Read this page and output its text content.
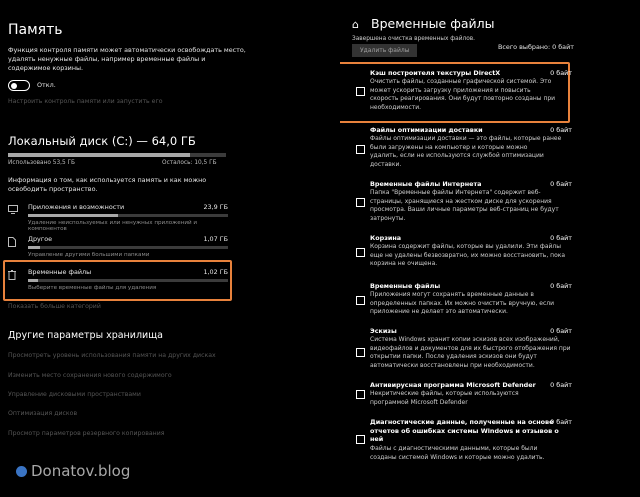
Память
Функция контроля памяти может автоматически освобождать место,
удалять ненужные файлы, например временные файлы и
содержимое корзины.
Откл.
Настроить контроль памяти или запустить его
Локальный диск (C:) — 64,0 ГБ
Использовано 53,5 ГБ	Осталось: 10,5 ГБ
Информация о том, как используется память и как можно
освободить пространство.
Приложения и возможности	23,9 ГБ
Удаление неиспользуемых или ненужных приложений и компонентов
Другое	1,07 ГБ
Управление другими большими папками
Временные файлы	1,02 ГБ
Выберите временные файлы для удаления
Показать больше категорий
Другие параметры хранилища
Просмотреть уровень использования памяти на других дисках
Изменить место сохранения нового содержимого
Управление дисковыми пространствами
Оптимизация дисков
Просмотр параметров резервного копирования
⌂ Временные файлы
Завершена очистка временных файлов.
Удалить файлы	Всего выбрано: 0 байт
Кэш построителя текстуры DirectX	0 байт
Очистить файлы, созданные графической системой. Это
может ускорить загрузку приложения и повысить
скорость реагирования. Они будут повторно созданы при
необходимости.
Файлы оптимизации доставки	0 байт
Файлы оптимизации доставки — это файлы, которые ранее
были загружены на компьютер и которые можно
удалить, если не используются службой оптимизации
доставки.
Временные файлы Интернета	0 байт
Папка "Временные файлы Интернета" содержит веб-
страницы, хранящиеся на жестком диске для ускорения
просмотра. Ваши личные параметры веб-страниц не будут
затронуты.
Корзина	0 байт
Корзина содержит файлы, которые вы удалили. Эти файлы
еще не удалены безвозвратно, их можно восстановить, пока
корзина не очищена.
Временные файлы	0 байт
Приложения могут сохранять временные данные в
определенных папках. Их можно очистить вручную, если
приложение не делает это автоматически.
Эскизы	0 байт
Система Windows хранит копии эскизов всех изображений,
видеофайлов и документов для их быстрого отображения при
открытии папки. После удаления эскизов они будут
автоматически восстановлены при необходимости.
Антивирусная программа Microsoft Defender 0 байт
Некритические файлы, которые используются
программой Microsoft Defender
Диагностические данные, полученные на основе
отчетов об ошибках системы Windows и отзывов о
ней
0 байт
Файлы с диагностическими данными, которые были
созданы системой Windows и которые можно удалить.
Donatov.blog
